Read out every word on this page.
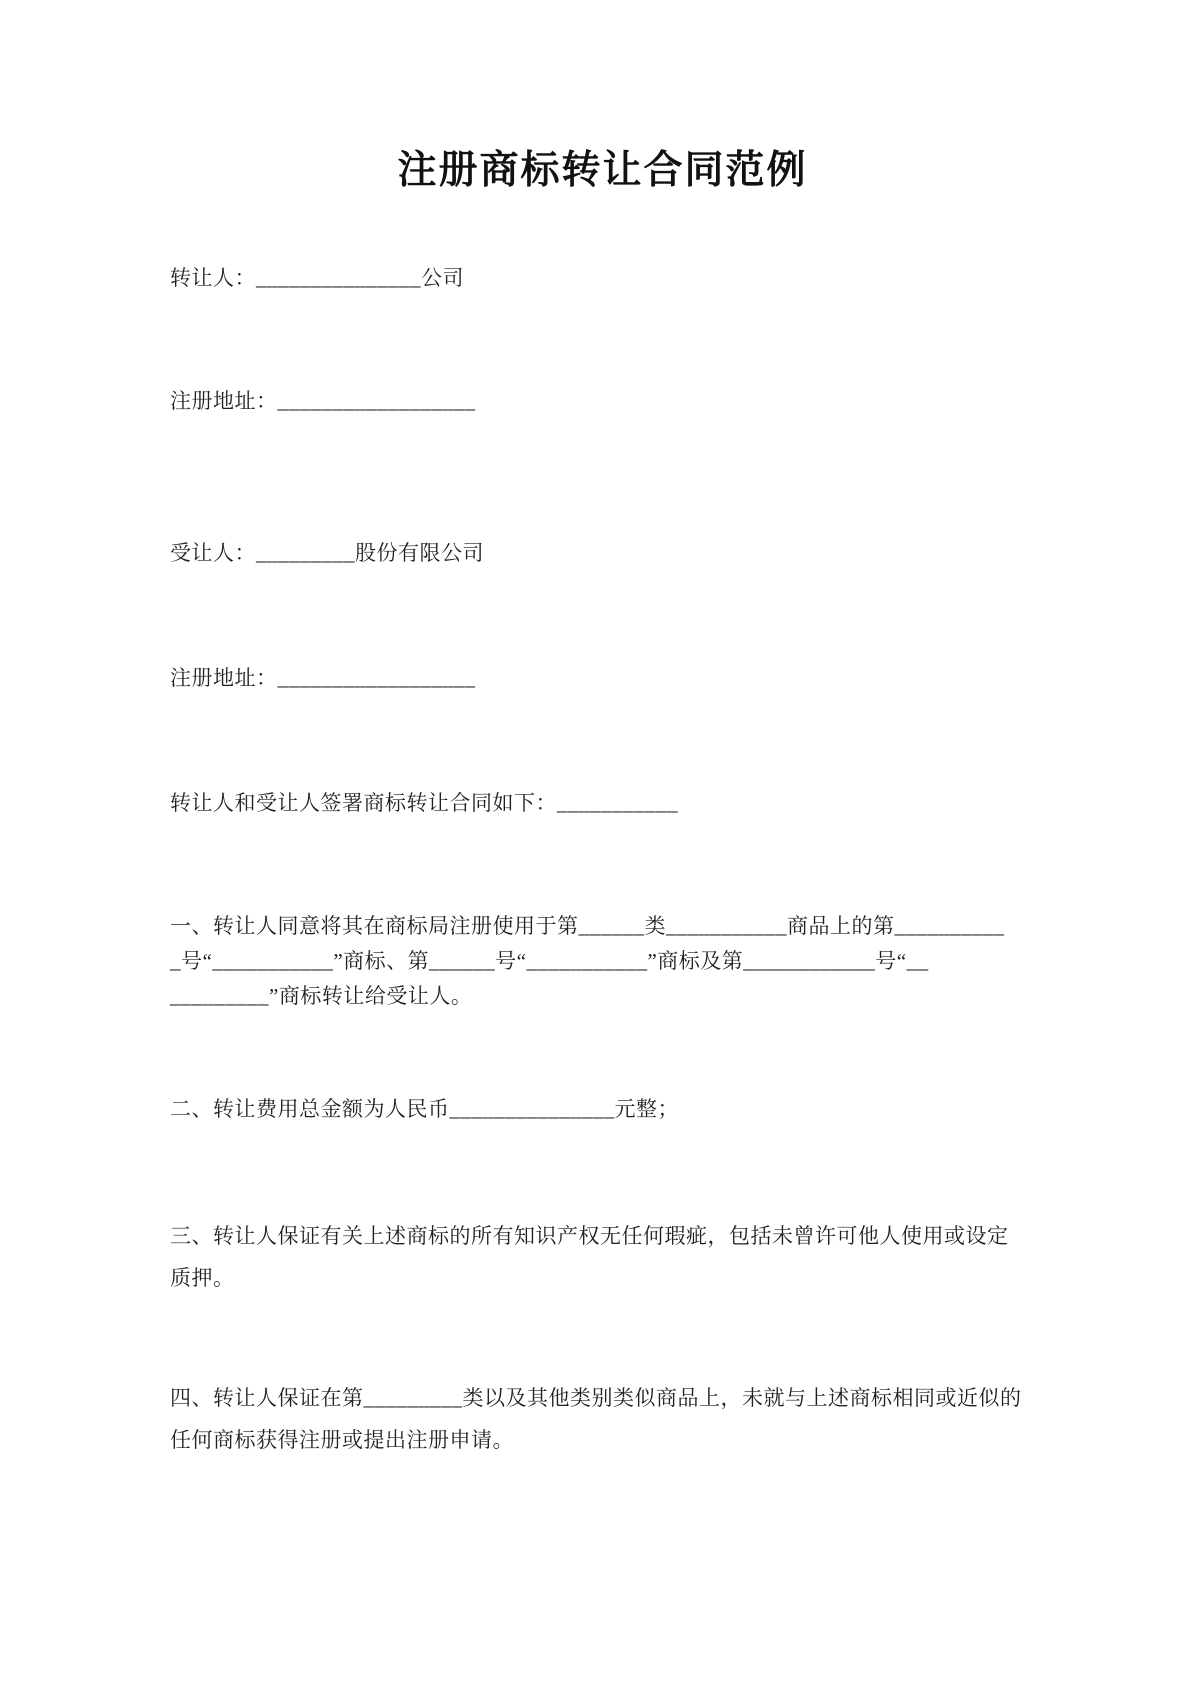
注册商标转让合同范例

转让人：_______________公司

注册地址：__________________

受让人：_________股份有限公司

注册地址：__________________

转让人和受让人签署商标转让合同如下：___________

一、转让人同意将其在商标局注册使用于第______类___________商品上的第__________
_号“___________”商标、第______号“___________”商标及第____________号“__
_________”商标转让给受让人。

二、转让费用总金额为人民币_______________元整；

三、转让人保证有关上述商标的所有知识产权无任何瑕疵，包括未曾许可他人使用或设定
质押。

四、转让人保证在第_________类以及其他类别类似商品上，未就与上述商标相同或近似的
任何商标获得注册或提出注册申请。
